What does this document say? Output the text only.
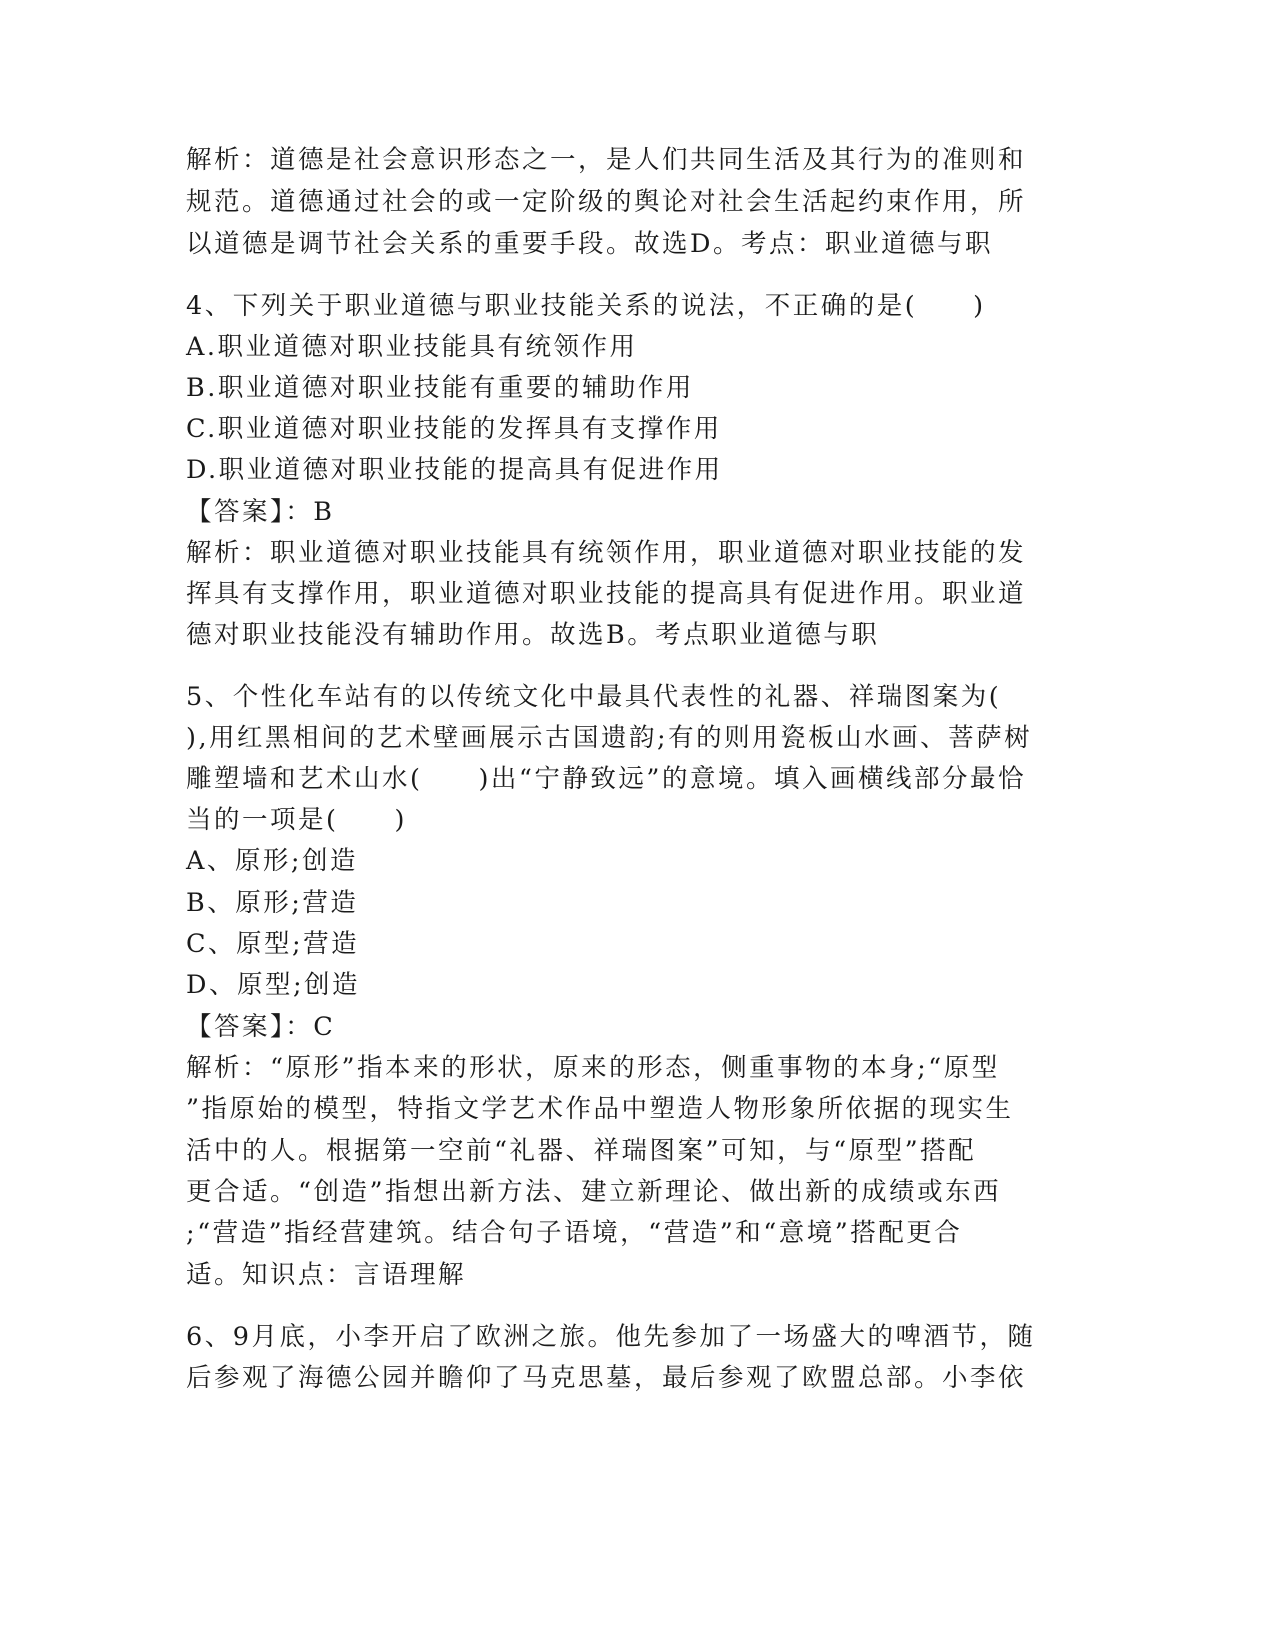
解析：道德是社会意识形态之一，是人们共同生活及其行为的准则和
规范。道德通过社会的或一定阶级的舆论对社会生活起约束作用，所
以道德是调节社会关系的重要手段。故选D。考点：职业道德与职
4、下列关于职业道德与职业技能关系的说法，不正确的是(　　)
A.职业道德对职业技能具有统领作用
B.职业道德对职业技能有重要的辅助作用
C.职业道德对职业技能的发挥具有支撑作用
D.职业道德对职业技能的提高具有促进作用
【答案】：B
解析：职业道德对职业技能具有统领作用，职业道德对职业技能的发
挥具有支撑作用，职业道德对职业技能的提高具有促进作用。职业道
德对职业技能没有辅助作用。故选B。考点职业道德与职
5、个性化车站有的以传统文化中最具代表性的礼器、祥瑞图案为(
),用红黑相间的艺术壁画展示古国遗韵;有的则用瓷板山水画、菩萨树
雕塑墙和艺术山水(　　)出“宁静致远”的意境。填入画横线部分最恰
当的一项是(　　)
A、原形;创造
B、原形;营造
C、原型;营造
D、原型;创造
【答案】：C
解析：“原形”指本来的形状，原来的形态，侧重事物的本身;“原型
”指原始的模型，特指文学艺术作品中塑造人物形象所依据的现实生
活中的人。根据第一空前“礼器、祥瑞图案”可知，与“原型”搭配
更合适。“创造”指想出新方法、建立新理论、做出新的成绩或东西
;“营造”指经营建筑。结合句子语境，“营造”和“意境”搭配更合
适。知识点：言语理解
6、9月底，小李开启了欧洲之旅。他先参加了一场盛大的啤酒节，随
后参观了海德公园并瞻仰了马克思墓，最后参观了欧盟总部。小李依
